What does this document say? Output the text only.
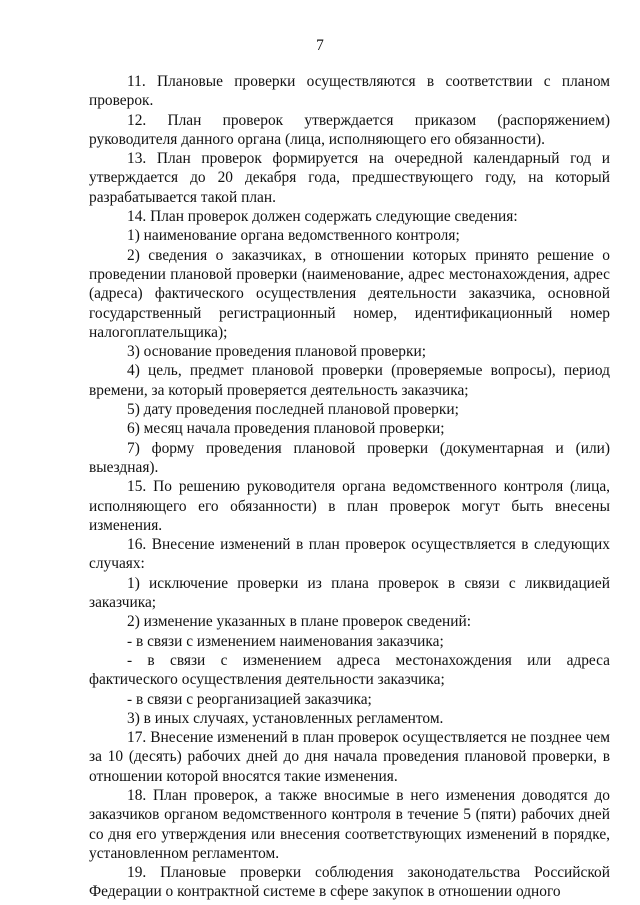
7

11. Плановые проверки осуществляются в соответствии с планом проверок.

12. План проверок утверждается приказом (распоряжением) руководителя данного органа (лица, исполняющего его обязанности).

13. План проверок формируется на очередной календарный год и утверждается до 20 декабря года, предшествующего году, на который разрабатывается такой план.

14. План проверок должен содержать следующие сведения:

1) наименование органа ведомственного контроля;

2) сведения о заказчиках, в отношении которых принято решение о проведении плановой проверки (наименование, адрес местонахождения, адрес (адреса) фактического осуществления деятельности заказчика, основной государственный регистрационный номер, идентификационный номер налогоплательщика);

3) основание проведения плановой проверки;

4) цель, предмет плановой проверки (проверяемые вопросы), период времени, за который проверяется деятельность заказчика;

5) дату проведения последней плановой проверки;

6) месяц начала проведения плановой проверки;

7) форму проведения плановой проверки (документарная и (или) выездная).

15. По решению руководителя органа ведомственного контроля (лица, исполняющего его обязанности) в план проверок могут быть внесены изменения.

16. Внесение изменений в план проверок осуществляется в следующих случаях:

1) исключение проверки из плана проверок в связи с ликвидацией заказчика;

2) изменение указанных в плане проверок сведений:

- в связи с изменением наименования заказчика;

- в связи с изменением адреса местонахождения или адреса фактического осуществления деятельности заказчика;

- в связи с реорганизацией заказчика;

3) в иных случаях, установленных регламентом.

17. Внесение изменений в план проверок осуществляется не позднее чем за 10 (десять) рабочих дней до дня начала проведения плановой проверки, в отношении которой вносятся такие изменения.

18. План проверок, а также вносимые в него изменения доводятся до заказчиков органом ведомственного контроля в течение 5 (пяти) рабочих дней со дня его утверждения или внесения соответствующих изменений в порядке, установленном регламентом.

19. Плановые проверки соблюдения законодательства Российской Федерации о контрактной системе в сфере закупок в отношении одного
